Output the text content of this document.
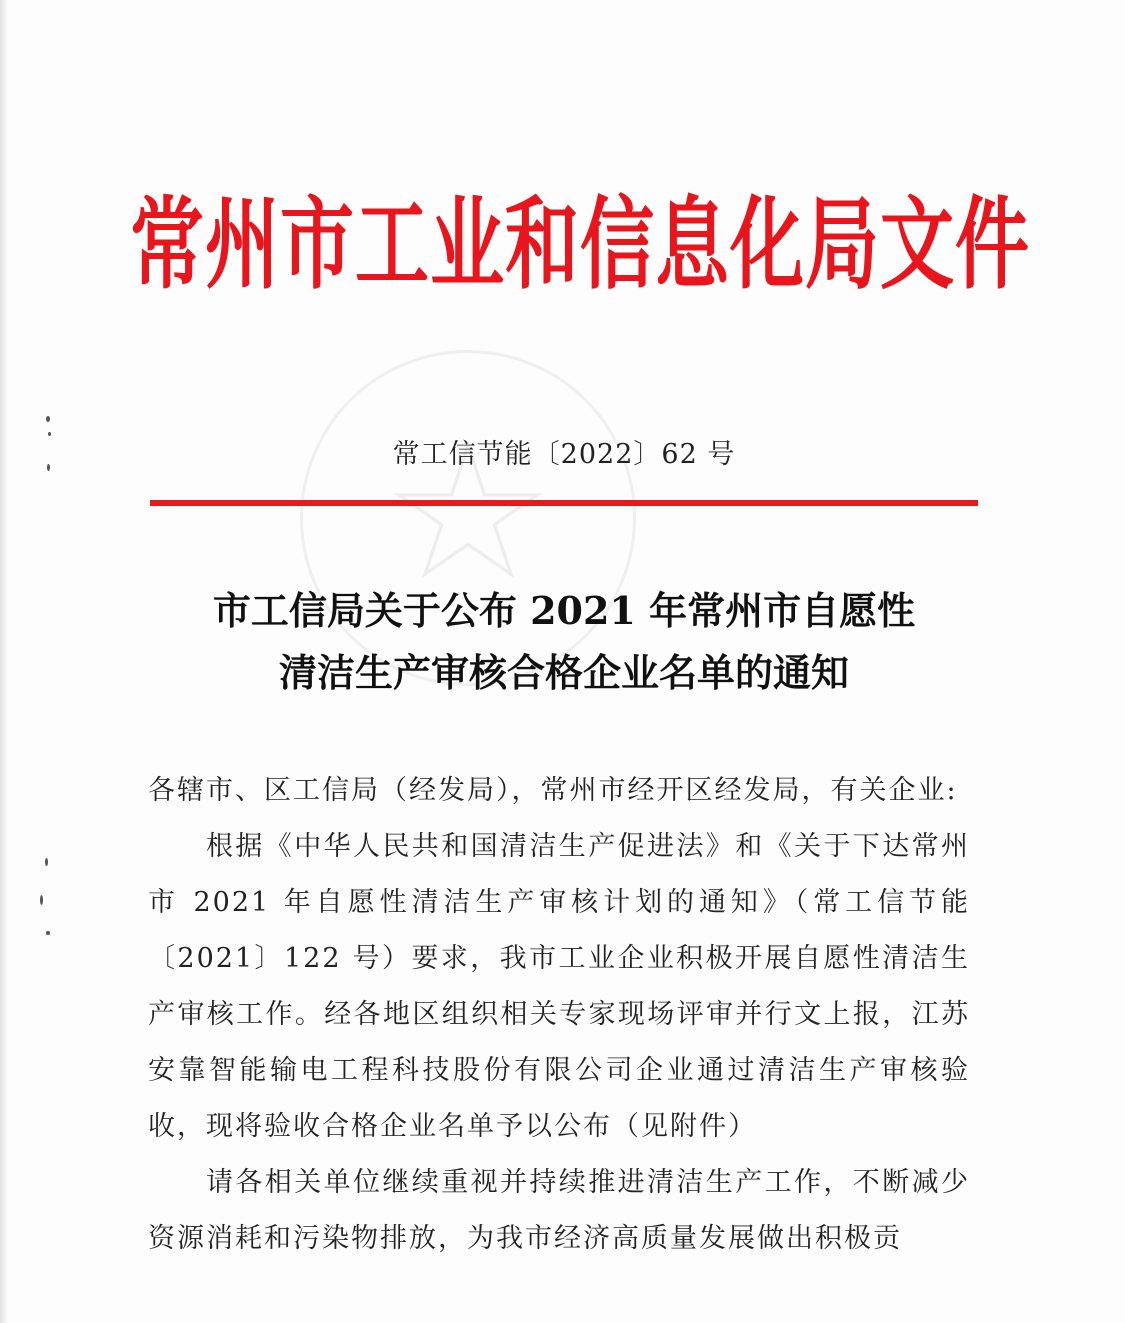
常州市工业和信息化局文件
常工信节能〔2022〕62 号
市工信局关于公布 2021 年常州市自愿性
清洁生产审核合格企业名单的通知

各辖市、区工信局（经发局），常州市经开区经发局，有关企业:

根据《中华人民共和国清洁生产促进法》和《关于下达常州市 2021 年自愿性清洁生产审核计划的通知》（常工信节能〔2021〕122 号）要求，我市工业企业积极开展自愿性清洁生产审核工作。经各地区组织相关专家现场评审并行文上报，江苏安靠智能输电工程科技股份有限公司企业通过清洁生产审核验收，现将验收合格企业名单予以公布（见附件）

请各相关单位继续重视并持续推进清洁生产工作，不断减少资源消耗和污染物排放，为我市经济高质量发展做出积极贡
